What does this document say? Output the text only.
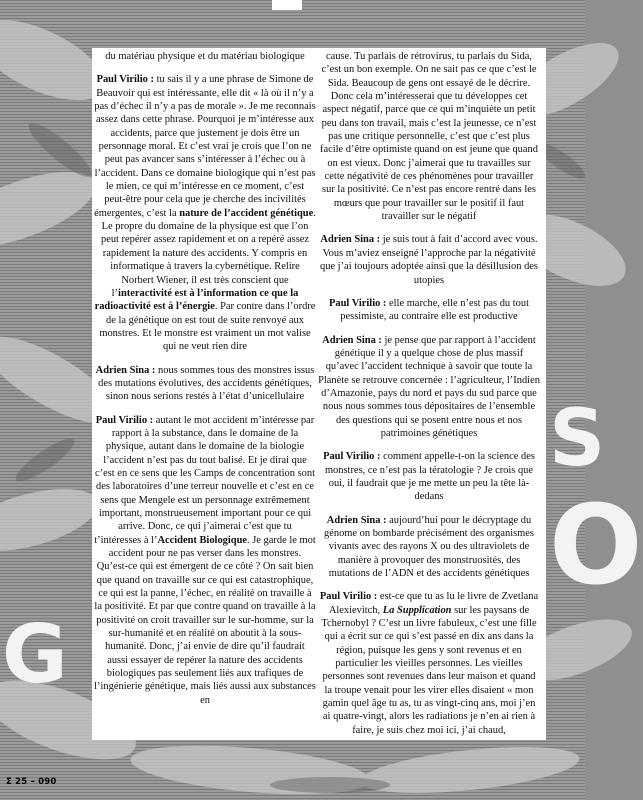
G
S
O

du matériau physique et du matériau biologique

Paul Virilio : tu sais il y a une phrase de Simone de Beauvoir qui est intéressante, elle dit « là où il n’y a pas d’échec il n’y a pas de morale ». Je me reconnais assez dans cette phrase. Pourquoi je m’intéresse aux accidents, parce que justement je dois être un personnage moral. Et c’est vrai je crois que l’on ne peut pas avancer sans s’intéresser à l’échec ou à l’accident. Dans ce domaine biologique qui n’est pas le mien, ce qui m’intéresse en ce moment, c’est peut-être pour cela que je cherche des incivilités émergentes, c’est la nature de l’accident génétique. Le propre du domaine de la physique est que l’on peut repérer assez rapidement et on a repéré assez rapidement la nature des accidents. Y compris en informatique à travers la cybernétique. Relire Norbert Wiener, il est très conscient que l’interactivité est à l’information ce que la radioactivité est à l’énergie. Par contre dans l’ordre de la génétique on est tout de suite renvoyé aux monstres. Et le monstre est vraiment un mot valise qui ne veut rien dire

Adrien Sina : nous sommes tous des monstres issus des mutations évolutives, des accidents génétiques, sinon nous serions restés à l’état d’unicellulaire

Paul Virilio : autant le mot accident m’intéresse par rapport à la substance, dans le domaine de la physique, autant dans le domaine de la biologie l’accident n’est pas du tout balisé. Et je dirai que c’est en ce sens que les Camps de concentration sont des laboratoires d’une terreur nouvelle et c’est en ce sens que Mengele est un personnage extrêmement important, monstrueusement important pour ce qui arrive. Donc, ce qui j’aimerai c’est que tu t’intéresses à l’Accident Biologique. Je garde le mot accident pour ne pas verser dans les monstres. Qu’est-ce qui est émergent de ce côté ? On sait bien que quand on travaille sur ce qui est catastrophique, ce qui est la panne, l’échec, en réalité on travaille à la positivité. Et par que contre quand on travaille à la positivité on croit travailler sur le sur-homme, sur la sur-humanité et en réalité on aboutit à la sous-humanité. Donc, j’ai envie de dire qu’il faudrait aussi essayer de repérer la nature des accidents biologiques pas seulement liés aux trafiques de l’ingénierie génétique, mais liés aussi aux substances en

cause. Tu parlais de rétrovirus, tu parlais du Sida, c’est un bon exemple. On ne sait pas ce que c’est le Sida. Beaucoup de gens ont essayé de le décrire. Donc cela m’intéresserai que tu développes cet aspect négatif, parce que ce qui m’inquiète un petit peu dans ton travail, mais c’est la jeunesse, ce n’est pas une critique personnelle, c’est que c’est plus facile d’être optimiste quand on est jeune que quand on est vieux. Donc j’aimerai que tu travailles sur cette négativité de ces phénomènes pour travailler sur la positivité. Ce n’est pas encore rentré dans les mœurs que pour travailler sur le positif il faut travailler sur le négatif

Adrien Sina : je suis tout à fait d’accord avec vous. Vous m’aviez enseigné l’approche par la négativité que j’ai toujours adoptée ainsi que la désillusion des utopies

Paul Virilio : elle marche, elle n’est pas du tout pessimiste, au contraire elle est productive

Adrien Sina : je pense que par rapport à l’accident génétique il y a quelque chose de plus massif qu’avec l’accident technique à savoir que toute la Planète se retrouve concernée : l’agriculteur, l’Indien d’Amazonie, pays du nord et pays du sud parce que nous nous sommes tous dépositaires de l’ensemble des questions qui se posent entre nous et nos patrimoines génétiques

Paul Virilio : comment appelle-t-on la science des monstres, ce n’est pas la tératologie ? Je crois que oui, il faudrait que je me mette un peu la tête là-dedans

Adrien Sina : aujourd’hui pour le décryptage du génome on bombarde précisément des organismes vivants avec des rayons X ou des ultraviolets de manière à provoquer des monstruosités, des mutations de l’ADN et des accidents génétiques

Paul Virilio : est-ce que tu as lu le livre de Zvetlana Alexievitch, La Supplication sur les paysans de Tchernobyl ? C’est un livre fabuleux, c’est une fille qui a écrit sur ce qui s’est passé en dix ans dans la région, puisque les gens y sont revenus et en particulier les vieilles personnes. Les vieilles personnes sont revenues dans leur maison et quand la troupe venait pour les virer elles disaient « mon gamin quel âge tu as, tu as vingt-cinq ans, moi j’en ai quatre-vingt, alors les radiations je n’en ai rien à faire, je suis chez moi ici, j’ai chaud,

Σ 25 – 090
